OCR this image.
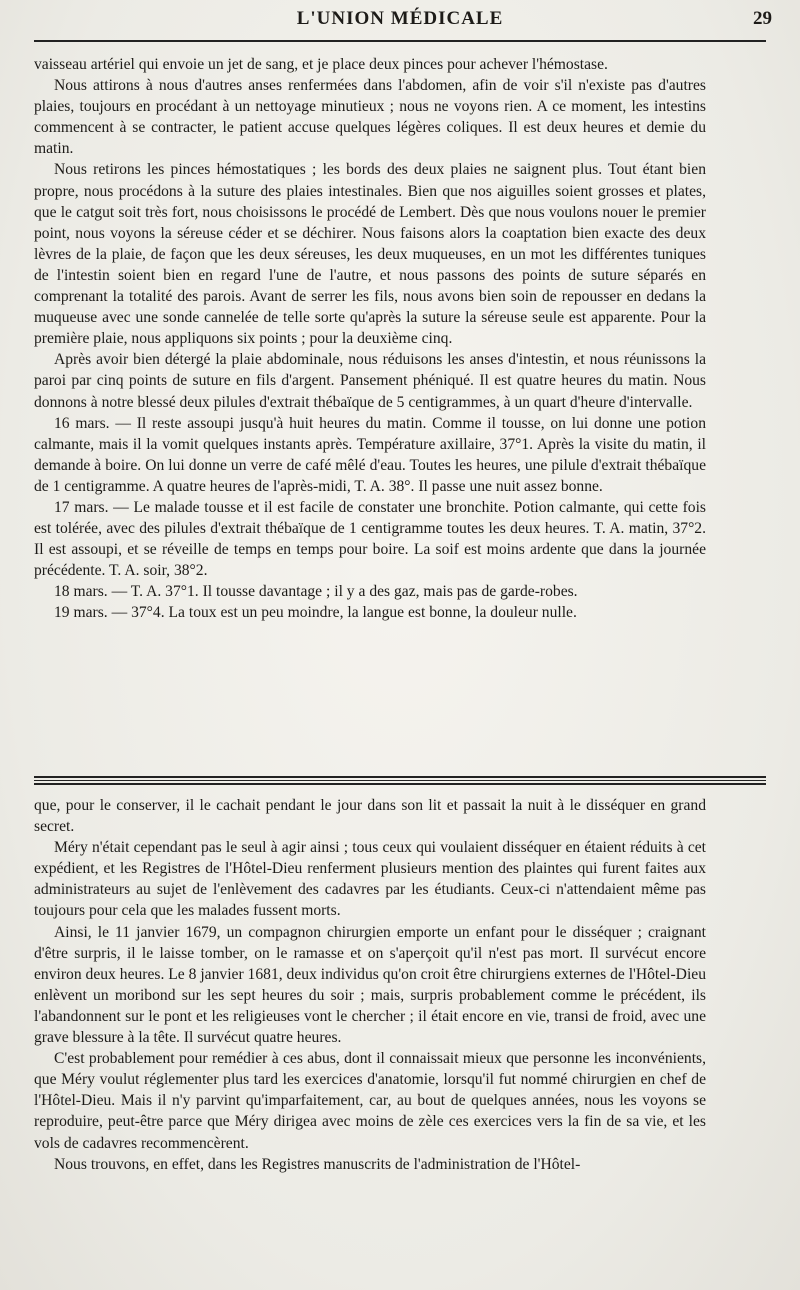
L'UNION MÉDICALE	29

vaisseau artériel qui envoie un jet de sang, et je place deux pinces pour achever l'hémostase.

Nous attirons à nous d'autres anses renfermées dans l'abdomen, afin de voir s'il n'existe pas d'autres plaies, toujours en procédant à un nettoyage minutieux ; nous ne voyons rien. A ce moment, les intestins commencent à se contracter, le patient accuse quelques légères coliques. Il est deux heures et demie du matin.

Nous retirons les pinces hémostatiques ; les bords des deux plaies ne saignent plus. Tout étant bien propre, nous procédons à la suture des plaies intestinales. Bien que nos aiguilles soient grosses et plates, que le catgut soit très fort, nous choisissons le procédé de Lembert. Dès que nous voulons nouer le premier point, nous voyons la séreuse céder et se déchirer. Nous faisons alors la coaptation bien exacte des deux lèvres de la plaie, de façon que les deux séreuses, les deux muqueuses, en un mot les différentes tuniques de l'intestin soient bien en regard l'une de l'autre, et nous passons des points de suture séparés en comprenant la totalité des parois. Avant de serrer les fils, nous avons bien soin de repousser en dedans la muqueuse avec une sonde cannelée de telle sorte qu'après la suture la séreuse seule est apparente. Pour la première plaie, nous appliquons six points ; pour la deuxième cinq.

Après avoir bien détergé la plaie abdominale, nous réduisons les anses d'intestin, et nous réunissons la paroi par cinq points de suture en fils d'argent. Pansement phéniqué. Il est quatre heures du matin. Nous donnons à notre blessé deux pilules d'extrait thébaïque de 5 centigrammes, à un quart d'heure d'intervalle.

16 mars. — Il reste assoupi jusqu'à huit heures du matin. Comme il tousse, on lui donne une potion calmante, mais il la vomit quelques instants après. Température axillaire, 37°1. Après la visite du matin, il demande à boire. On lui donne un verre de café mêlé d'eau. Toutes les heures, une pilule d'extrait thébaïque de 1 centigramme. A quatre heures de l'après-midi, T. A. 38°. Il passe une nuit assez bonne.

17 mars. — Le malade tousse et il est facile de constater une bronchite. Potion calmante, qui cette fois est tolérée, avec des pilules d'extrait thébaïque de 1 centigramme toutes les deux heures. T. A. matin, 37°2. Il est assoupi, et se réveille de temps en temps pour boire. La soif est moins ardente que dans la journée précédente. T. A. soir, 38°2.

18 mars. — T. A. 37°1. Il tousse davantage ; il y a des gaz, mais pas de garde-robes.

19 mars. — 37°4. La toux est un peu moindre, la langue est bonne, la douleur nulle.

que, pour le conserver, il le cachait pendant le jour dans son lit et passait la nuit à le disséquer en grand secret.

Méry n'était cependant pas le seul à agir ainsi ; tous ceux qui voulaient disséquer en étaient réduits à cet expédient, et les Registres de l'Hôtel-Dieu renferment plusieurs mention des plaintes qui furent faites aux administrateurs au sujet de l'enlèvement des cadavres par les étudiants. Ceux-ci n'attendaient même pas toujours pour cela que les malades fussent morts.

Ainsi, le 11 janvier 1679, un compagnon chirurgien emporte un enfant pour le disséquer ; craignant d'être surpris, il le laisse tomber, on le ramasse et on s'aperçoit qu'il n'est pas mort. Il survécut encore environ deux heures. Le 8 janvier 1681, deux individus qu'on croit être chirurgiens externes de l'Hôtel-Dieu enlèvent un moribond sur les sept heures du soir ; mais, surpris probablement comme le précédent, ils l'abandonnent sur le pont et les religieuses vont le chercher ; il était encore en vie, transi de froid, avec une grave blessure à la tête. Il survécut quatre heures.

C'est probablement pour remédier à ces abus, dont il connaissait mieux que personne les inconvénients, que Méry voulut réglementer plus tard les exercices d'anatomie, lorsqu'il fut nommé chirurgien en chef de l'Hôtel-Dieu. Mais il n'y parvint qu'imparfaitement, car, au bout de quelques années, nous les voyons se reproduire, peut-être parce que Méry dirigea avec moins de zèle ces exercices vers la fin de sa vie, et les vols de cadavres recommencèrent.

Nous trouvons, en effet, dans les Registres manuscrits de l'administration de l'Hôtel-
